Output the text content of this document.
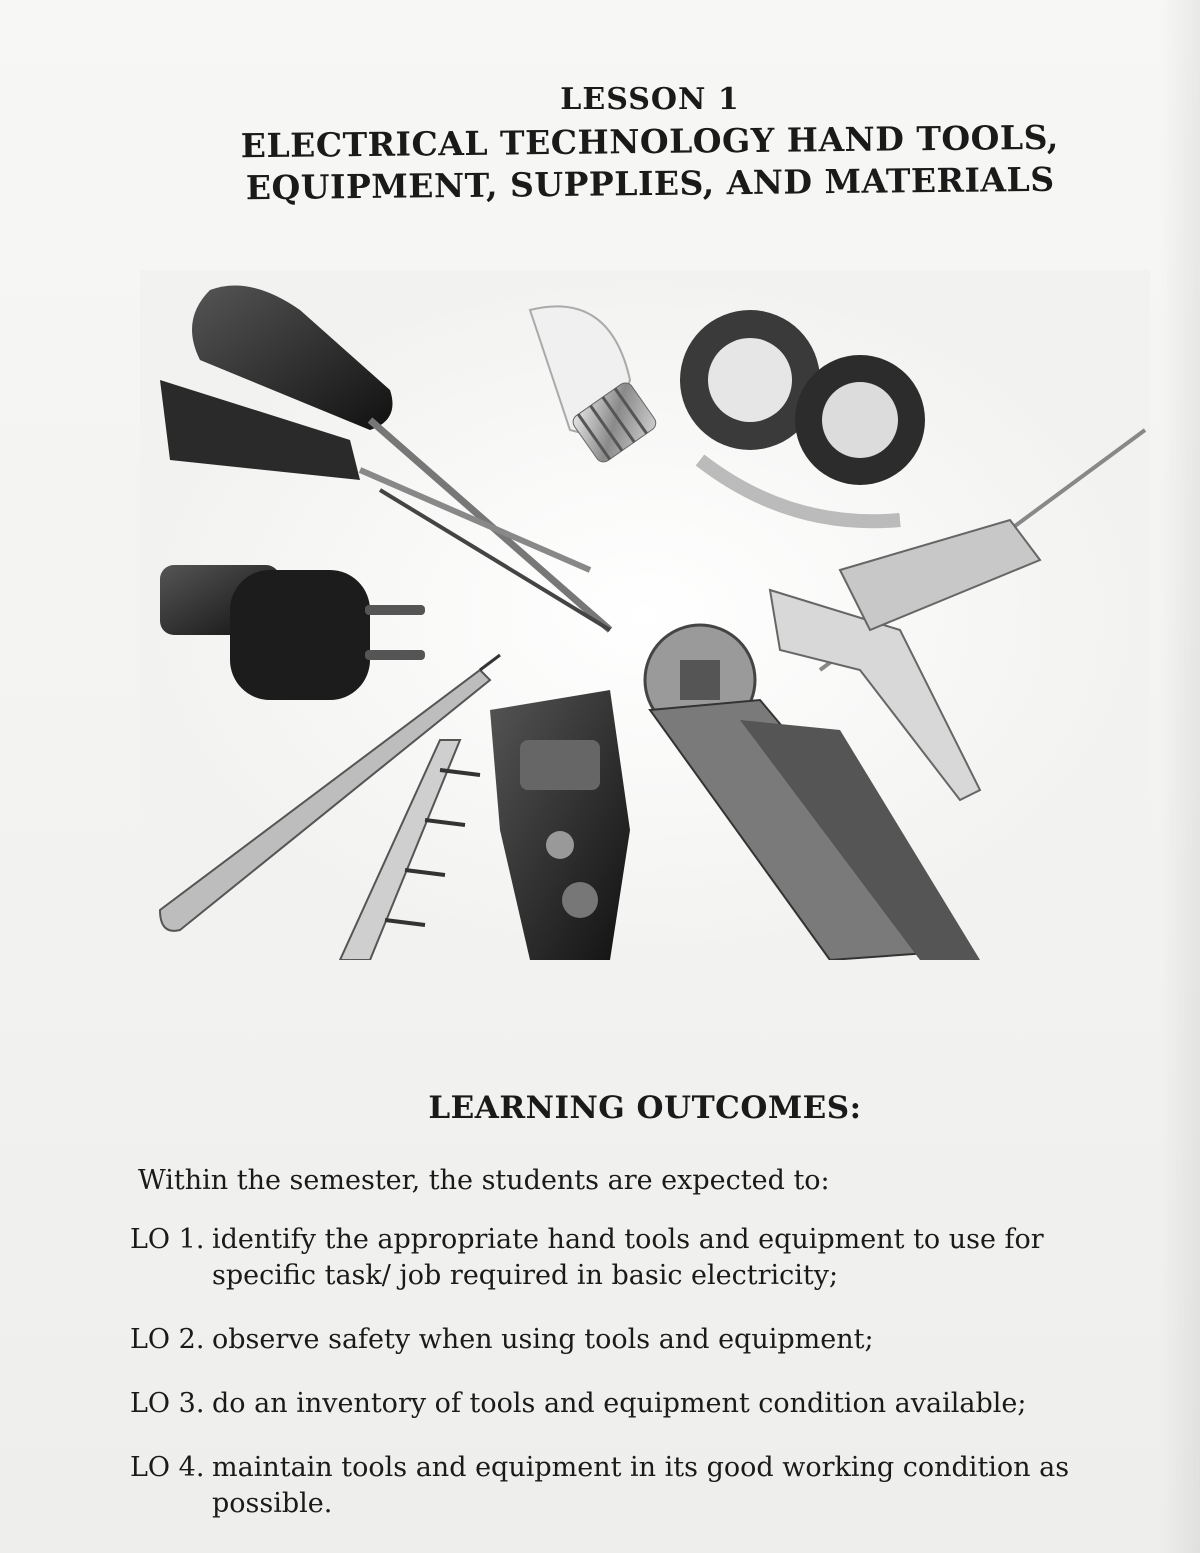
LESSON 1
ELECTRICAL TECHNOLOGY HAND TOOLS,
EQUIPMENT, SUPPLIES, AND MATERIALS
LEARNING OUTCOMES:
Within the semester, the students are expected to:
LO 1. identify the appropriate hand tools and equipment to use for
specific task/ job required in basic electricity;
LO 2. observe safety when using tools and equipment;
LO 3. do an inventory of tools and equipment condition available;
LO 4. maintain tools and equipment in its good working condition as
possible.
